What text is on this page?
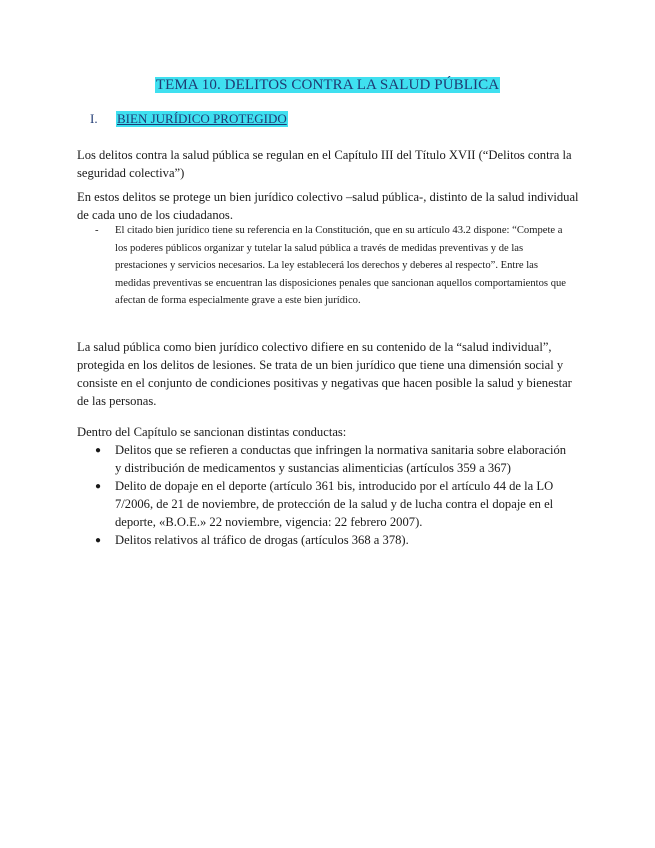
TEMA 10. DELITOS CONTRA LA SALUD PÚBLICA
I.	BIEN JURÍDICO PROTEGIDO
Los delitos contra la salud pública se regulan en el Capítulo III del Título XVII (“Delitos contra la seguridad colectiva”)
En estos delitos se protege un bien jurídico colectivo –salud pública-, distinto de la salud individual de cada uno de los ciudadanos.
-	El citado bien jurídico tiene su referencia en la Constitución, que en su artículo 43.2 dispone: “Compete a los poderes públicos organizar y tutelar la salud pública a través de medidas preventivas y de las prestaciones y servicios necesarios. La ley establecerá los derechos y deberes al respecto”. Entre las medidas preventivas se encuentran las disposiciones penales que sancionan aquellos comportamientos que afectan de forma especialmente grave a este bien jurídico.
La salud pública como bien jurídico colectivo difiere en su contenido de la “salud individual”, protegida en los delitos de lesiones. Se trata de un bien jurídico que tiene una dimensión social y consiste en el conjunto de condiciones positivas y negativas que hacen posible la salud y bienestar de las personas.
Dentro del Capítulo se sancionan distintas conductas:
●	Delitos que se refieren a conductas que infringen la normativa sanitaria sobre elaboración y distribución de medicamentos y sustancias alimenticias (artículos 359 a 367)
●	Delito de dopaje en el deporte (artículo 361 bis, introducido por el artículo 44 de la LO 7/2006, de 21 de noviembre, de protección de la salud y de lucha contra el dopaje en el deporte, «B.O.E.» 22 noviembre, vigencia: 22 febrero 2007).
●	Delitos relativos al tráfico de drogas (artículos 368 a 378).
